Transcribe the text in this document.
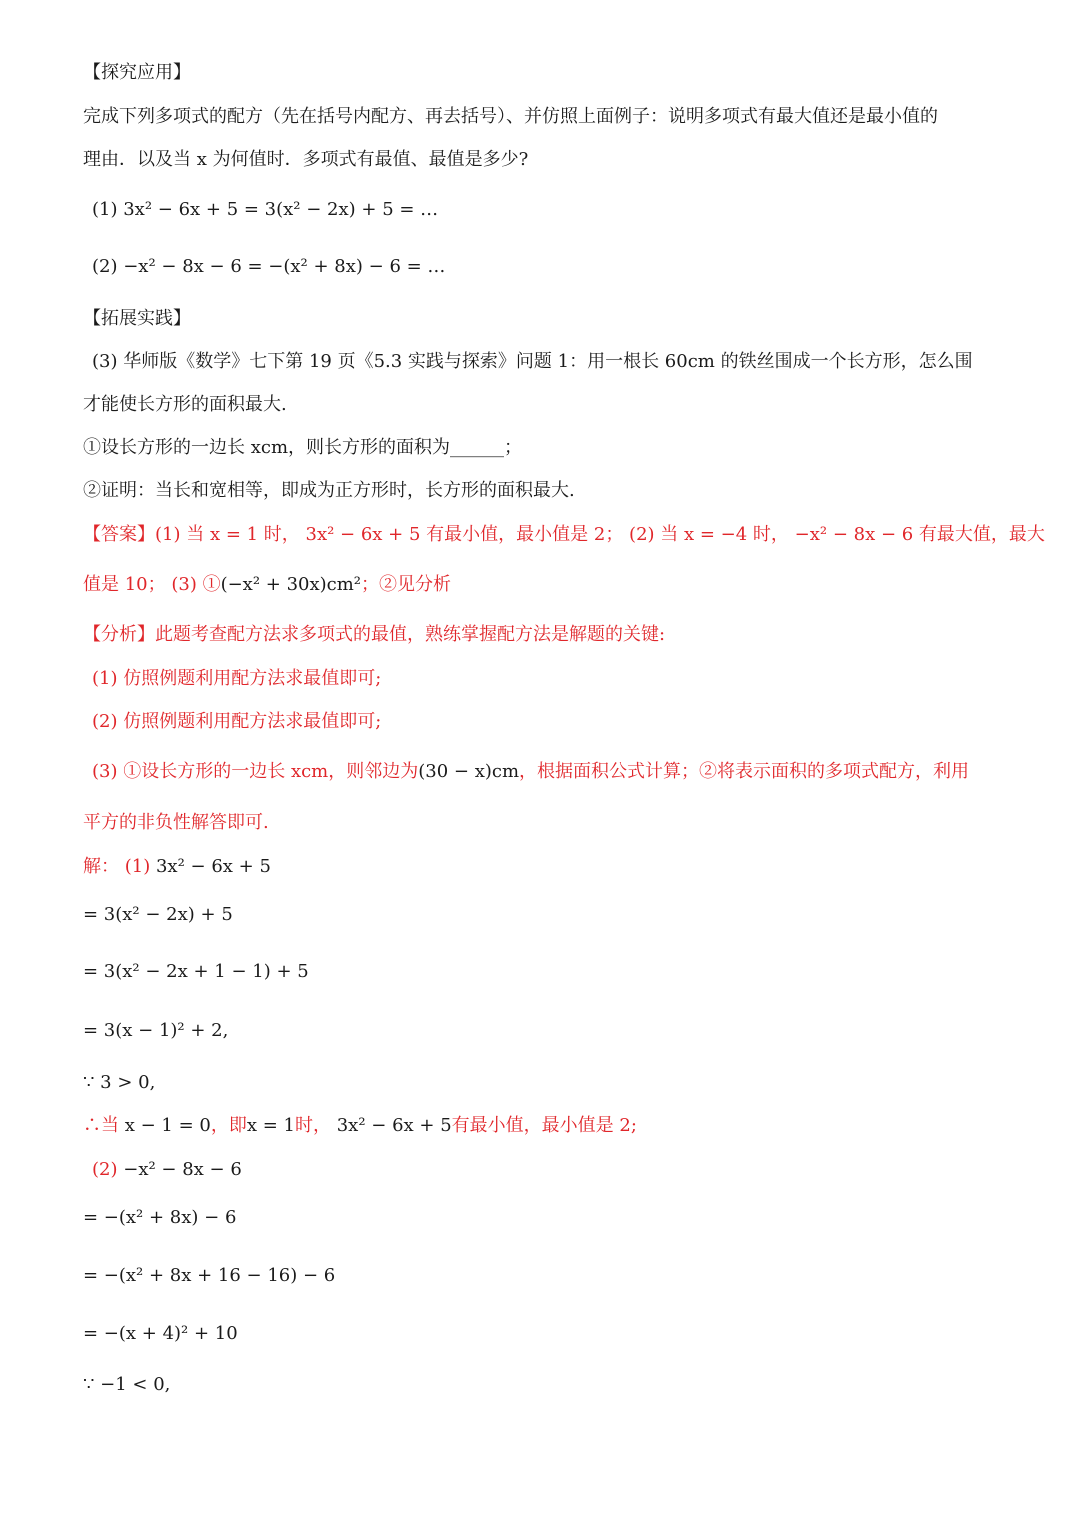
【探究应用】
完成下列多项式的配方（先在括号内配方、再去括号）、并仿照上面例子：说明多项式有最大值还是最小值的
理由．以及当 x 为何值时．多项式有最值、最值是多少?
(1) 3x² − 6x + 5 = 3(x² − 2x) + 5 = …
(2) −x² − 8x − 6 = −(x² + 8x) − 6 = …
【拓展实践】
(3) 华师版《数学》七下第 19 页《5.3 实践与探索》问题 1：用一根长 60cm 的铁丝围成一个长方形，怎么围
才能使长方形的面积最大.
①设长方形的一边长 xcm，则长方形的面积为______；
②证明：当长和宽相等，即成为正方形时，长方形的面积最大.
【答案】(1) 当 x = 1 时， 3x² − 6x + 5 有最小值，最小值是 2； (2) 当 x = −4 时， −x² − 8x − 6 有最大值，最大
值是 10； (3) ①(−x² + 30x)cm²；②见分析
【分析】此题考查配方法求多项式的最值，熟练掌握配方法是解题的关键:
(1) 仿照例题利用配方法求最值即可;
(2) 仿照例题利用配方法求最值即可;
(3) ①设长方形的一边长 xcm，则邻边为(30 − x)cm，根据面积公式计算；②将表示面积的多项式配方，利用
平方的非负性解答即可.
解： (1) 3x² − 6x + 5
= 3(x² − 2x) + 5
= 3(x² − 2x + 1 − 1) + 5
= 3(x − 1)² + 2,
∵ 3 > 0,
∴当 x − 1 = 0，即x = 1时， 3x² − 6x + 5有最小值，最小值是 2;
(2) −x² − 8x − 6
= −(x² + 8x) − 6
= −(x² + 8x + 16 − 16) − 6
= −(x + 4)² + 10
∵ −1 < 0,
